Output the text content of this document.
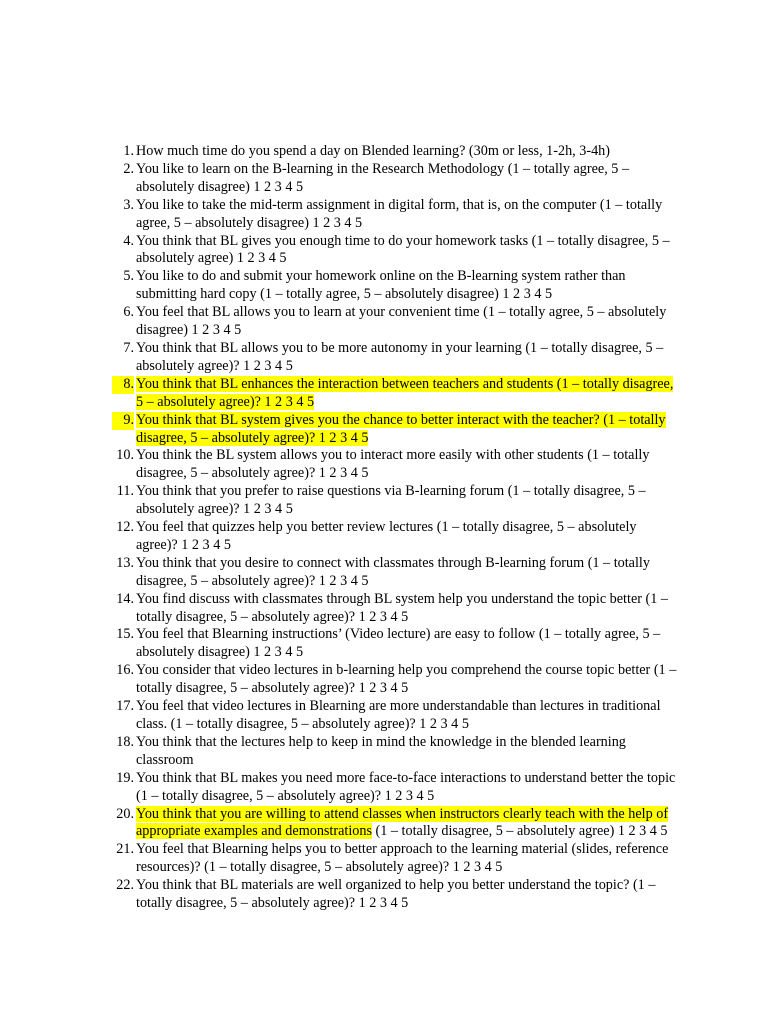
1. How much time do you spend a day on Blended learning? (30m or less, 1-2h, 3-4h)
2. You like to learn on the B-learning in the Research Methodology (1 – totally agree, 5 – absolutely disagree) 1 2 3 4 5
3. You like to take the mid-term assignment in digital form, that is, on the computer (1 – totally agree, 5 – absolutely disagree) 1 2 3 4 5
4. You think that BL gives you enough time to do your homework tasks (1 – totally disagree, 5 – absolutely agree) 1 2 3 4 5
5. You like to do and submit your homework online on the B-learning system rather than submitting hard copy (1 – totally agree, 5 – absolutely disagree) 1 2 3 4 5
6. You feel that BL allows you to learn at your convenient time (1 – totally agree, 5 – absolutely disagree) 1 2 3 4 5
7. You think that BL allows you to be more autonomy in your learning (1 – totally disagree, 5 – absolutely agree)? 1 2 3 4 5
8. You think that BL enhances the interaction between teachers and students (1 – totally disagree, 5 – absolutely agree)? 1 2 3 4 5
9. You think that BL system gives you the chance to better interact with the teacher? (1 – totally disagree, 5 – absolutely agree)? 1 2 3 4 5
10. You think the BL system allows you to interact more easily with other students (1 – totally disagree, 5 – absolutely agree)? 1 2 3 4 5
11. You think that you prefer to raise questions via B-learning forum (1 – totally disagree, 5 – absolutely agree)? 1 2 3 4 5
12. You feel that quizzes help you better review lectures (1 – totally disagree, 5 – absolutely agree)? 1 2 3 4 5
13. You think that you desire to connect with classmates through B-learning forum (1 – totally disagree, 5 – absolutely agree)? 1 2 3 4 5
14. You find discuss with classmates through BL system help you understand the topic better (1 – totally disagree, 5 – absolutely agree)? 1 2 3 4 5
15. You feel that Blearning instructions’ (Video lecture) are easy to follow (1 – totally agree, 5 – absolutely disagree) 1 2 3 4 5
16. You consider that video lectures in b-learning help you comprehend the course topic better (1 – totally disagree, 5 – absolutely agree)? 1 2 3 4 5
17. You feel that video lectures in Blearning are more understandable than lectures in traditional class. (1 – totally disagree, 5 – absolutely agree)? 1 2 3 4 5
18. You think that the lectures help to keep in mind the knowledge in the blended learning classroom
19. You think that BL makes you need more face-to-face interactions to understand better the topic (1 – totally disagree, 5 – absolutely agree)? 1 2 3 4 5
20. You think that you are willing to attend classes when instructors clearly teach with the help of appropriate examples and demonstrations (1 – totally disagree, 5 – absolutely agree) 1 2 3 4 5
21. You feel that Blearning helps you to better approach to the learning material (slides, reference resources)? (1 – totally disagree, 5 – absolutely agree)? 1 2 3 4 5
22. You think that BL materials are well organized to help you better understand the topic? (1 – totally disagree, 5 – absolutely agree)? 1 2 3 4 5
